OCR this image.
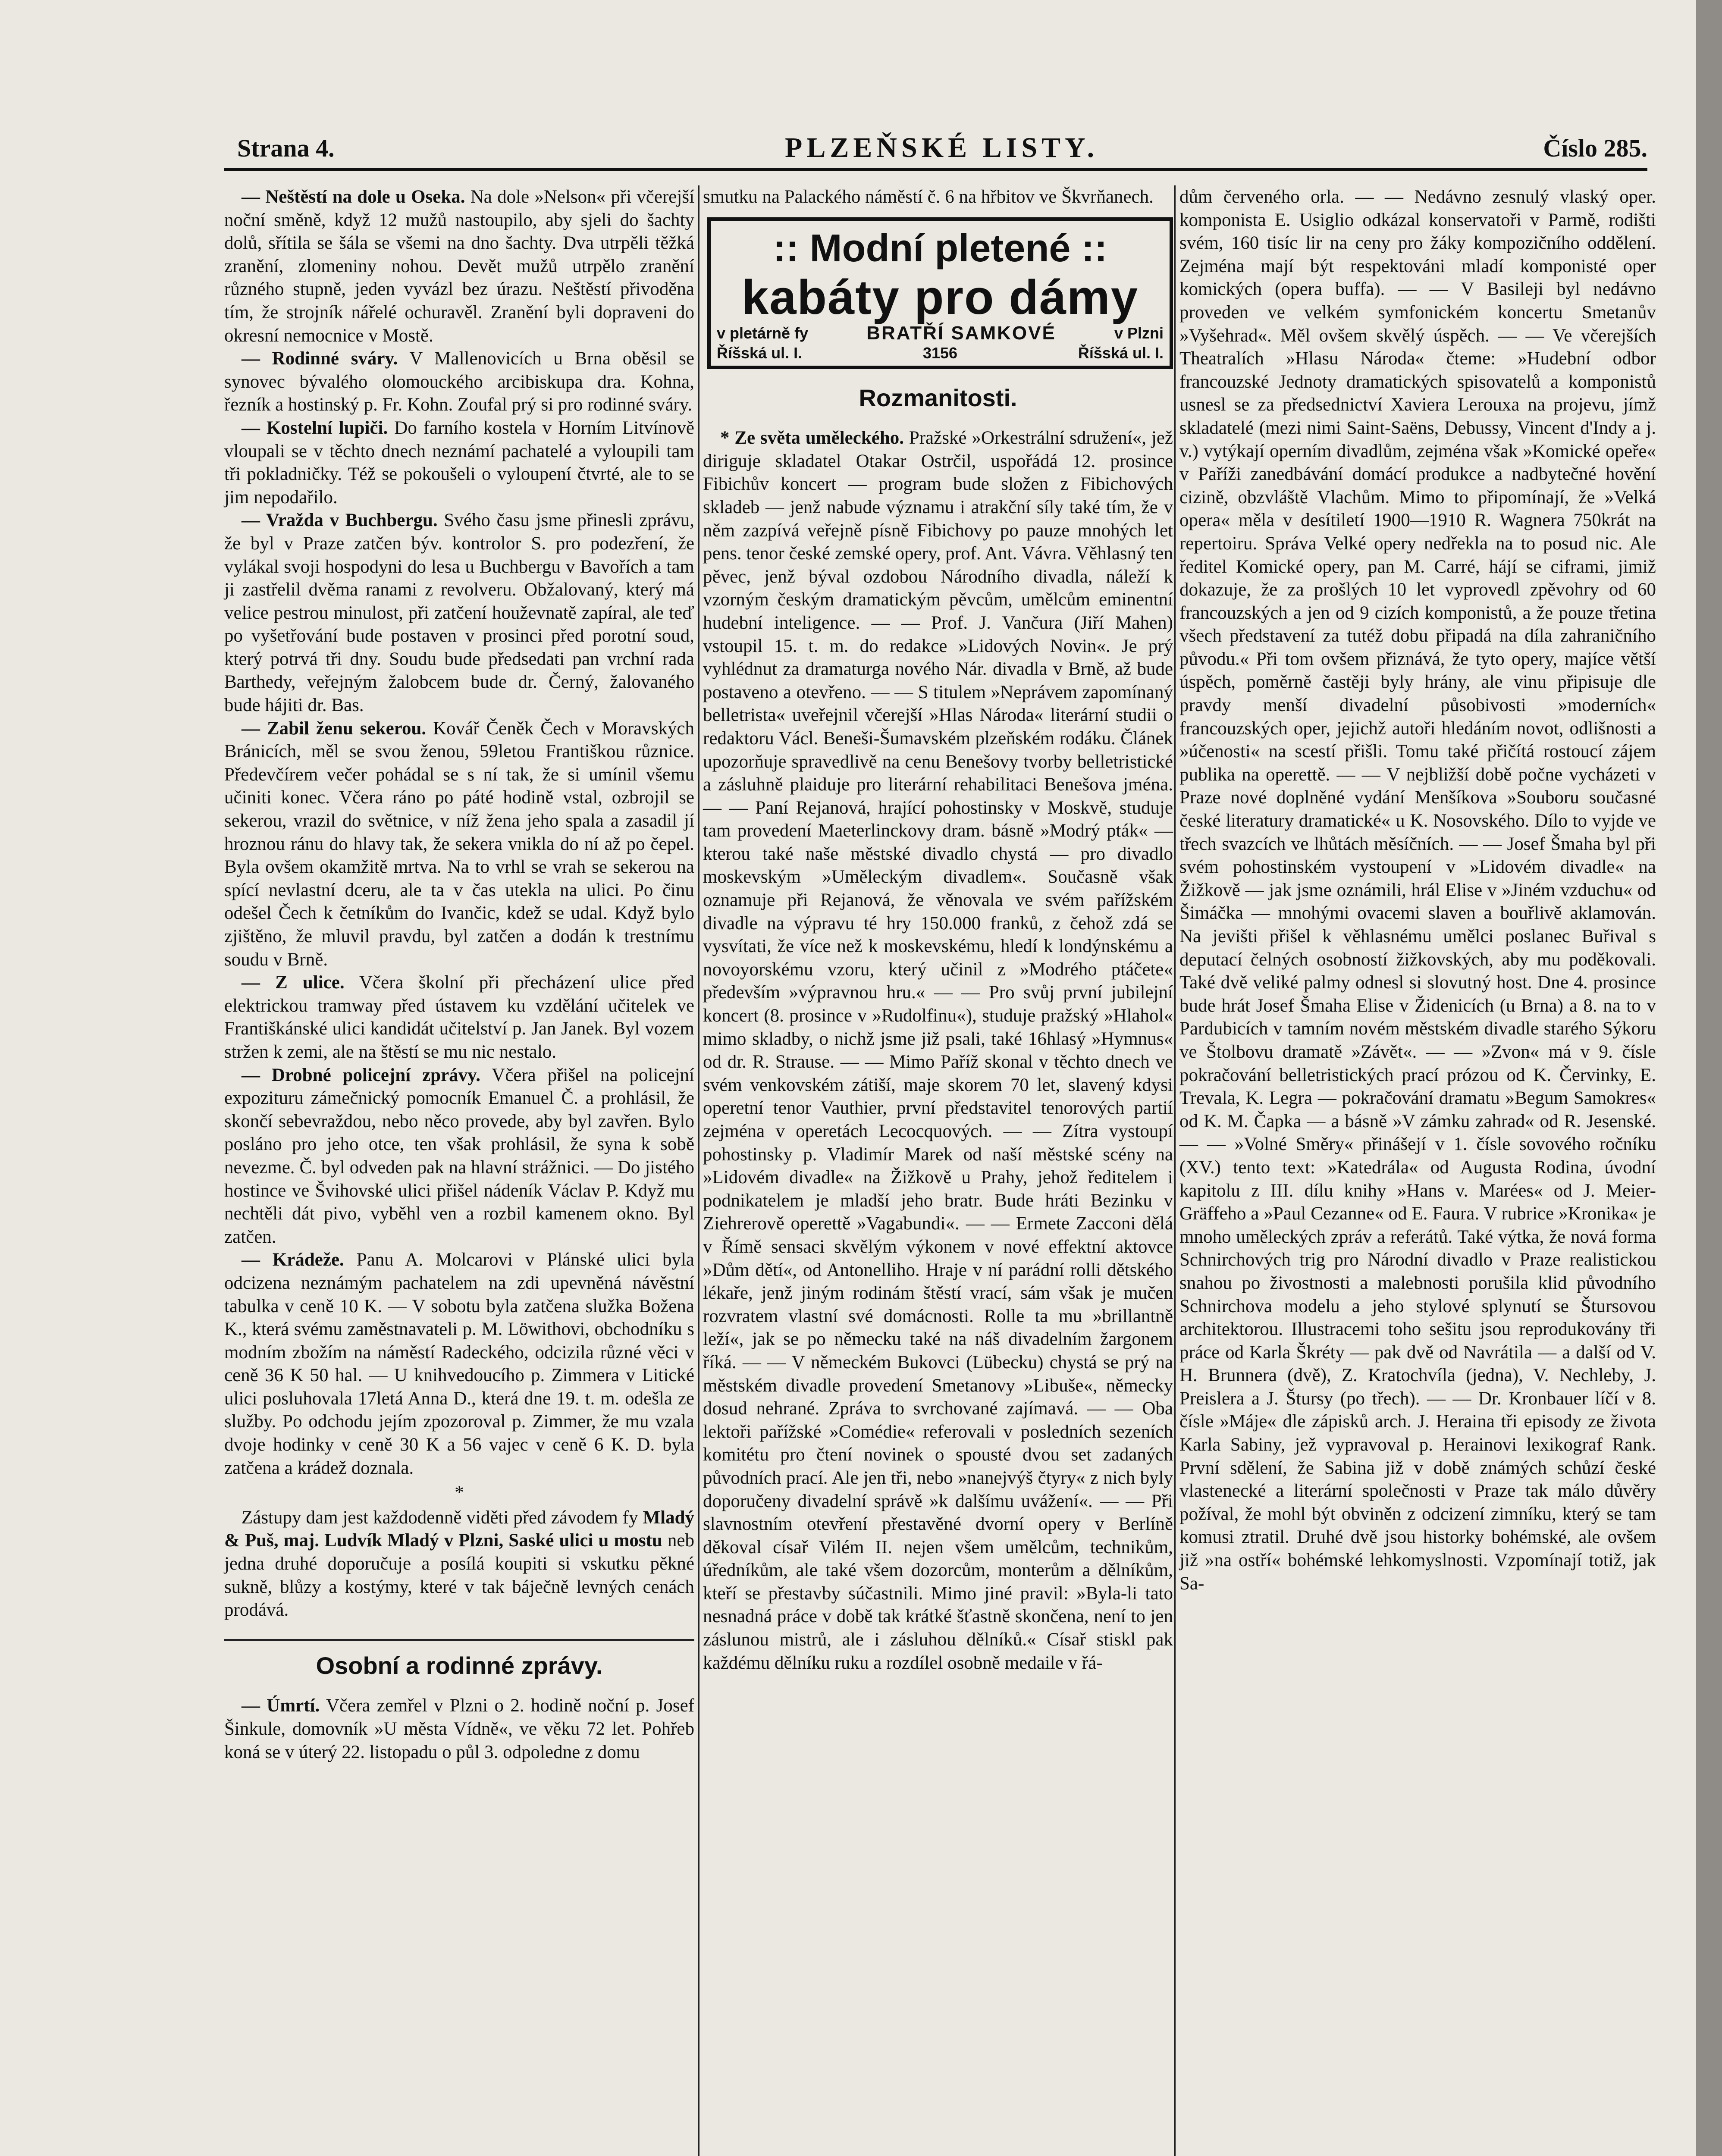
Strana 4.	PLZEŇSKÉ LISTY.	Číslo 285.

— Neštěstí na dole u Oseka. Na dole »Nelson« při včerejší noční směně, když 12 mužů nastoupilo, aby sjeli do šachty dolů, sřítila se šála se všemi na dno šachty. Dva utrpěli těžká zranění, zlomeniny nohou. Devět mužů utrpělo zranění různého stupně, jeden vyvázl bez úrazu. Neštěstí přivoděna tím, že strojník nářelé ochuravěl. Zranění byli dopraveni do okresní nemocnice v Mostě.

— Rodinné sváry. V Mallenovicích u Brna oběsil se synovec bývalého olomouckého arcibiskupa dra. Kohna, řezník a hostinský p. Fr. Kohn. Zoufal prý si pro rodinné sváry.

— Kostelní lupiči. Do farního kostela v Horním Litvínově vloupali se v těchto dnech neznámí pachatelé a vyloupili tam tři pokladničky. Též se pokoušeli o vyloupení čtvrté, ale to se jim nepodařilo.

— Vražda v Buchbergu. Svého času jsme přinesli zprávu, že byl v Praze zatčen býv. kontrolor S. pro podezření, že vylákal svoji hospodyni do lesa u Buchbergu v Bavořích a tam ji zastřelil dvěma ranami z revolveru. Obžalovaný, který má velice pestrou minulost, při zatčení houževnatě zapíral, ale teď po vyšetřování bude postaven v prosinci před porotní soud, který potrvá tři dny. Soudu bude předsedati pan vrchní rada Barthedy, veřejným žalobcem bude dr. Černý, žalovaného bude hájiti dr. Bas.

— Zabil ženu sekerou. Kovář Čeněk Čech v Moravských Bránicích, měl se svou ženou, 59letou Františkou různice. Předevčírem večer pohádal se s ní tak, že si umínil všemu učiniti konec. Včera ráno po páté hodině vstal, ozbrojil se sekerou, vrazil do světnice, v níž žena jeho spala a zasadil jí hroznou ránu do hlavy tak, že sekera vnikla do ní až po čepel. Byla ovšem okamžitě mrtva. Na to vrhl se vrah se sekerou na spící nevlastní dceru, ale ta v čas utekla na ulici. Po činu odešel Čech k četníkům do Ivančic, kdež se udal. Když bylo zjištěno, že mluvil pravdu, byl zatčen a dodán k trestnímu soudu v Brně.

— Z ulice. Včera školní při přecházení ulice před elektrickou tramway před ústavem ku vzdělání učitelek ve Františkánské ulici kandidát učitelství p. Jan Janek. Byl vozem stržen k zemi, ale na štěstí se mu nic nestalo.

— Drobné policejní zprávy. Včera přišel na policejní expozituru zámečnický pomocník Emanuel Č. a prohlásil, že skončí sebevraždou, nebo něco provede, aby byl zavřen. Bylo posláno pro jeho otce, ten však prohlásil, že syna k sobě nevezme. Č. byl odveden pak na hlavní strážnici. — Do jistého hostince ve Švihovské ulici přišel nádeník Václav P. Když mu nechtěli dát pivo, vyběhl ven a rozbil kamenem okno. Byl zatčen.

— Krádeže. Panu A. Molcarovi v Plánské ulici byla odcizena neznámým pachatelem na zdi upevněná návěstní tabulka v ceně 10 K. — V sobotu byla zatčena služka Božena K., která svému zaměstnavateli p. M. Löwithovi, obchodníku s modním zbožím na náměstí Radeckého, odcizila různé věci v ceně 36 K 50 hal. — U knihvedoucího p. Zimmera v Litické ulici posluhovala 17letá Anna D., která dne 19. t. m. odešla ze služby. Po odchodu jejím zpozoroval p. Zimmer, že mu vzala dvoje hodinky v ceně 30 K a 56 vajec v ceně 6 K. D. byla zatčena a krádež doznala.

*

Zástupy dam jest každodenně viděti před závodem fy Mladý & Puš, maj. Ludvík Mladý v Plzni, Saské ulici u mostu neb jedna druhé doporučuje a posílá koupiti si vskutku pěkné sukně, blůzy a kostýmy, které v tak báječně levných cenách prodává.

Osobní a rodinné zprávy.

— Úmrtí. Včera zemřel v Plzni o 2. hodině noční p. Josef Šinkule, domovník »U města Vídně«, ve věku 72 let. Pohřeb koná se v úterý 22. listopadu o půl 3. odpoledne z domu

smutku na Palackého náměstí č. 6 na hřbitov ve Škvrňanech.

:: Modní pletené ::
kabáty pro dámy
v pletárně fy	BRATŘÍ SAMKOVÉ	v Plzni
Říšská ul. I.	3156	Říšská ul. I.

Rozmanitosti.

* Ze světa uměleckého. Pražské »Orkestrální sdružení«, jež diriguje skladatel Otakar Ostrčil, uspořádá 12. prosince Fibichův koncert — program bude složen z Fibichových skladeb — jenž nabude významu i atrakční síly také tím, že v něm zazpívá veřejně písně Fibichovy po pauze mnohých let pens. tenor české zemské opery, prof. Ant. Vávra. Věhlasný ten pěvec, jenž býval ozdobou Národního divadla, náleží k vzorným českým dramatickým pěvcům, umělcům eminentní hudební inteligence. — — Prof. J. Vančura (Jiří Mahen) vstoupil 15. t. m. do redakce »Lidových Novin«. Je prý vyhlédnut za dramaturga nového Nár. divadla v Brně, až bude postaveno a otevřeno. — — S titulem »Neprávem zapomínaný belletrista« uveřejnil včerejší »Hlas Národa« literární studii o redaktoru Václ. Beneši-Šumavském plzeňském rodáku. Článek upozorňuje spravedlivě na cenu Benešovy tvorby belletristické a zásluhně plaiduje pro literární rehabilitaci Benešova jména. — — Paní Rejanová, hrající pohostinsky v Moskvě, studuje tam provedení Maeterlinckovy dram. básně »Modrý pták« — kterou také naše městské divadlo chystá — pro divadlo moskevským »Uměleckým divadlem«. Současně však oznamuje při Rejanová, že věnovala ve svém pařížském divadle na výpravu té hry 150.000 franků, z čehož zdá se vysvítati, že více než k moskevskému, hledí k londýnskému a novoyorskému vzoru, který učinil z »Modrého ptáčete« především »výpravnou hru.« — — Pro svůj první jubilejní koncert (8. prosince v »Rudolfinu«), studuje pražský »Hlahol« mimo skladby, o nichž jsme již psali, také 16hlasý »Hymnus« od dr. R. Strause. — — Mimo Paříž skonal v těchto dnech ve svém venkovském zátiší, maje skorem 70 let, slavený kdysi operetní tenor Vauthier, první představitel tenorových partií zejména v operetách Lecocquových. — — Zítra vystoupí pohostinsky p. Vladimír Marek od naší městské scény na »Lidovém divadle« na Žižkově u Prahy, jehož ředitelem i podnikatelem je mladší jeho bratr. Bude hráti Bezinku v Ziehrerově operettě »Vagabundi«. — — Ermete Zacconi dělá v Římě sensaci skvělým výkonem v nové effektní aktovce »Dům dětí«, od Antonelliho. Hraje v ní parádní rolli dětského lékaře, jenž jiným rodinám štěstí vrací, sám však je mučen rozvratem vlastní své domácnosti. Rolle ta mu »brillantně leží«, jak se po německu také na náš divadelním žargonem říká. — — V německém Bukovci (Lübecku) chystá se prý na městském divadle provedení Smetanovy »Libuše«, německy dosud nehrané. Zpráva to svrchované zajímavá. — — Oba lektoři pařížské »Comédie« referovali v posledních sezeních komitétu pro čtení novinek o spousté dvou set zadaných původních prací. Ale jen tři, nebo »nanejvýš čtyry« z nich byly doporučeny divadelní správě »k dalšímu uvážení«. — — Při slavnostním otevření přestavěné dvorní opery v Berlíně děkoval císař Vilém II. nejen všem umělcům, technikům, úředníkům, ale také všem dozorcům, monterům a dělníkům, kteří se přestavby súčastnili. Mimo jiné pravil: »Byla-li tato nesnadná práce v době tak krátké šťastně skončena, není to jen záslunou mistrů, ale i zásluhou dělníků.« Císař stiskl pak každému dělníku ruku a rozdílel osobně medaile v řá-

dům červeného orla. — — Nedávno zesnulý vlaský oper. komponista E. Usiglio odkázal konservatoři v Parmě, rodišti svém, 160 tisíc lir na ceny pro žáky kompozičního oddělení. Zejména mají být respektováni mladí komponisté oper komických (opera buffa). — — V Basileji byl nedávno proveden ve velkém symfonickém koncertu Smetanův »Vyšehrad«. Měl ovšem skvělý úspěch. — — Ve včerejších Theatralích »Hlasu Národa« čteme: »Hudební odbor francouzské Jednoty dramatických spisovatelů a komponistů usnesl se za předsednictví Xaviera Lerouxa na projevu, jímž skladatelé (mezi nimi Saint-Saëns, Debussy, Vincent d'Indy a j. v.) vytýkají operním divadlům, zejména však »Komické opeře« v Paříži zanedbávání domácí produkce a nadbytečné hovění cizině, obzvláště Vlachům. Mimo to připomínají, že »Velká opera« měla v desítiletí 1900—1910 R. Wagnera 750krát na repertoiru. Správa Velké opery nedřekla na to posud nic. Ale ředitel Komické opery, pan M. Carré, hájí se ciframi, jimiž dokazuje, že za prošlých 10 let vyprovedl zpěvohry od 60 francouzských a jen od 9 cizích komponistů, a že pouze třetina všech představení za tutéž dobu připadá na díla zahraničního původu.« Při tom ovšem přiznává, že tyto opery, majíce větší úspěch, poměrně častěji byly hrány, ale vinu připisuje dle pravdy menší divadelní působivosti »moderních« francouzských oper, jejichž autoři hledáním novot, odlišnosti a »účenosti« na scestí přišli. Tomu také přičítá rostoucí zájem publika na operettě. — — V nejbližší době počne vycházeti v Praze nové doplněné vydání Menšíkova »Souboru současné české literatury dramatické« u K. Nosovského. Dílo to vyjde ve třech svazcích ve lhůtách měsíčních. — — Josef Šmaha byl při svém pohostinském vystoupení v »Lidovém divadle« na Žižkově — jak jsme oznámili, hrál Elise v »Jiném vzduchu« od Šimáčka — mnohými ovacemi slaven a bouřlivě aklamován. Na jevišti přišel k věhlasnému umělci poslanec Buřival s deputací čelných osobností žižkovských, aby mu poděkovali. Také dvě veliké palmy odnesl si slovutný host. Dne 4. prosince bude hrát Josef Šmaha Elise v Židenicích (u Brna) a 8. na to v Pardubicích v tamním novém městském divadle starého Sýkoru ve Štolbovu dramatě »Závět«. — — »Zvon« má v 9. čísle pokračování belletristických prací prózou od K. Červinky, E. Trevala, K. Legra — pokračování dramatu »Begum Samokres« od K. M. Čapka — a básně »V zámku zahrad« od R. Jesenské. — — »Volné Směry« přinášejí v 1. čísle sovového ročníku (XV.) tento text: »Katedrála« od Augusta Rodina, úvodní kapitolu z III. dílu knihy »Hans v. Marées« od J. Meier-Gräffeho a »Paul Cezanne« od E. Faura. V rubrice »Kronika« je mnoho uměleckých zpráv a referátů. Také výtka, že nová forma Schnirchových trig pro Národní divadlo v Praze realistickou snahou po živostnosti a malebnosti porušila klid původního Schnirchova modelu a jeho stylové splynutí se Štursovou architektorou. Illustracemi toho sešitu jsou reprodukovány tři práce od Karla Škréty — pak dvě od Navrátila — a další od V. H. Brunnera (dvě), Z. Kratochvíla (jedna), V. Nechleby, J. Preislera a J. Štursy (po třech). — — Dr. Kronbauer líčí v 8. čísle »Máje« dle zápisků arch. J. Heraina tři episody ze života Karla Sabiny, jež vypravoval p. Herainovi lexikograf Rank. První sdělení, že Sabina již v době známých schůzí české vlastenecké a literární společnosti v Praze tak málo důvěry požíval, že mohl být obviněn z odcizení zimníku, který se tam komusi ztratil. Druhé dvě jsou historky bohémské, ale ovšem již »na ostří« bohémské lehkomyslnosti. Vzpomínají totiž, jak Sa-
